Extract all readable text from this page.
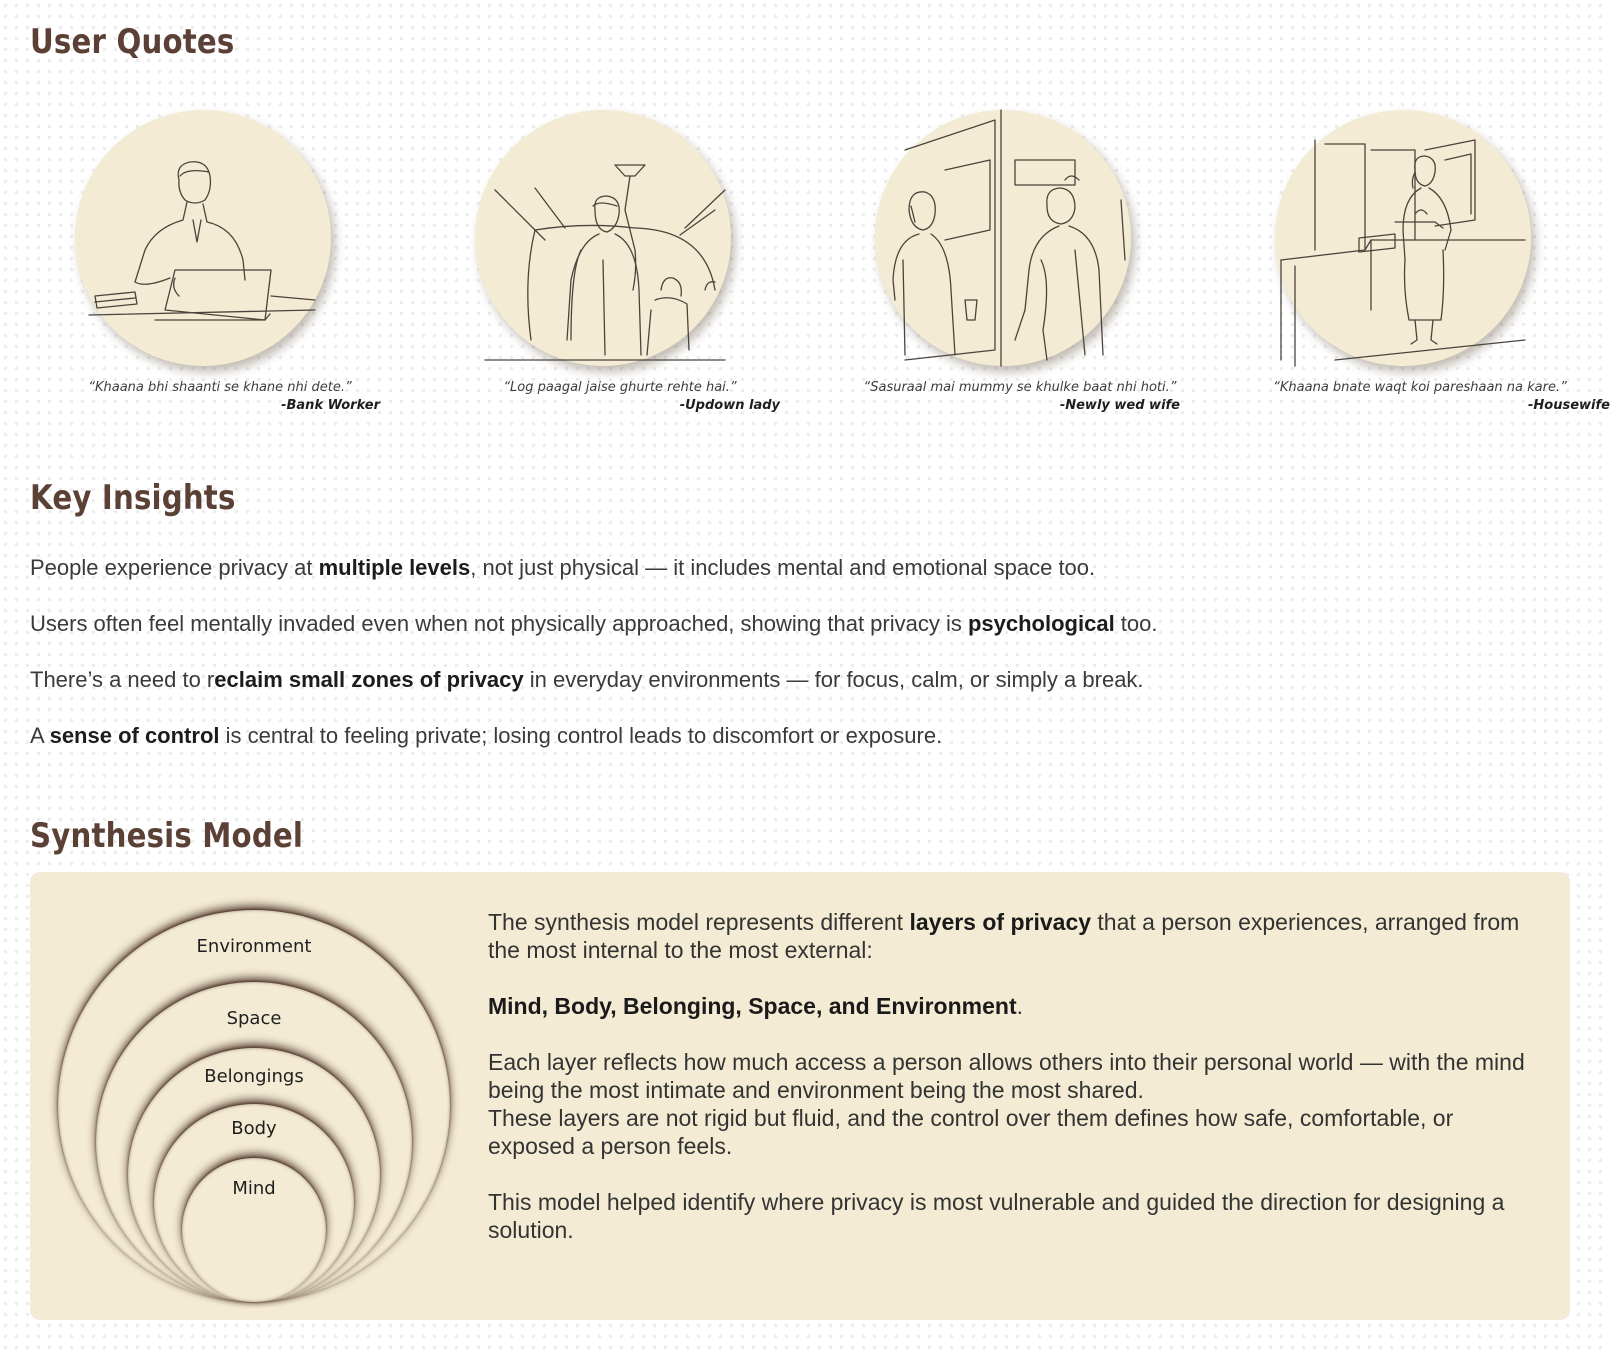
User Quotes
“Khaana bhi shaanti se khane nhi dete.”
-Bank Worker
“Log paagal jaise ghurte rehte hai.”
-Updown lady
“Sasuraal mai mummy se khulke baat nhi hoti.”
-Newly wed wife
“Khaana bnate waqt koi pareshaan na kare.”
-Housewife
Key Insights

People experience privacy at multiple levels, not just physical — it includes mental and emotional space too.

Users often feel mentally invaded even when not physically approached, showing that privacy is psychological too.

There’s a need to reclaim small zones of privacy in everyday environments — for focus, calm, or simply a break.

A sense of control is central to feeling private; losing control leads to discomfort or exposure.

Synthesis Model
Environment
Space
Belongings
Body
Mind

The synthesis model represents different layers of privacy that a person experiences, arranged from the most internal to the most external:

Mind, Body, Belonging, Space, and Environment.

Each layer reflects how much access a person allows others into their personal world — with the mind being the most intimate and environment being the most shared.

These layers are not rigid but fluid, and the control over them defines how safe, comfortable, or exposed a person feels.

This model helped identify where privacy is most vulnerable and guided the direction for designing a solution.
